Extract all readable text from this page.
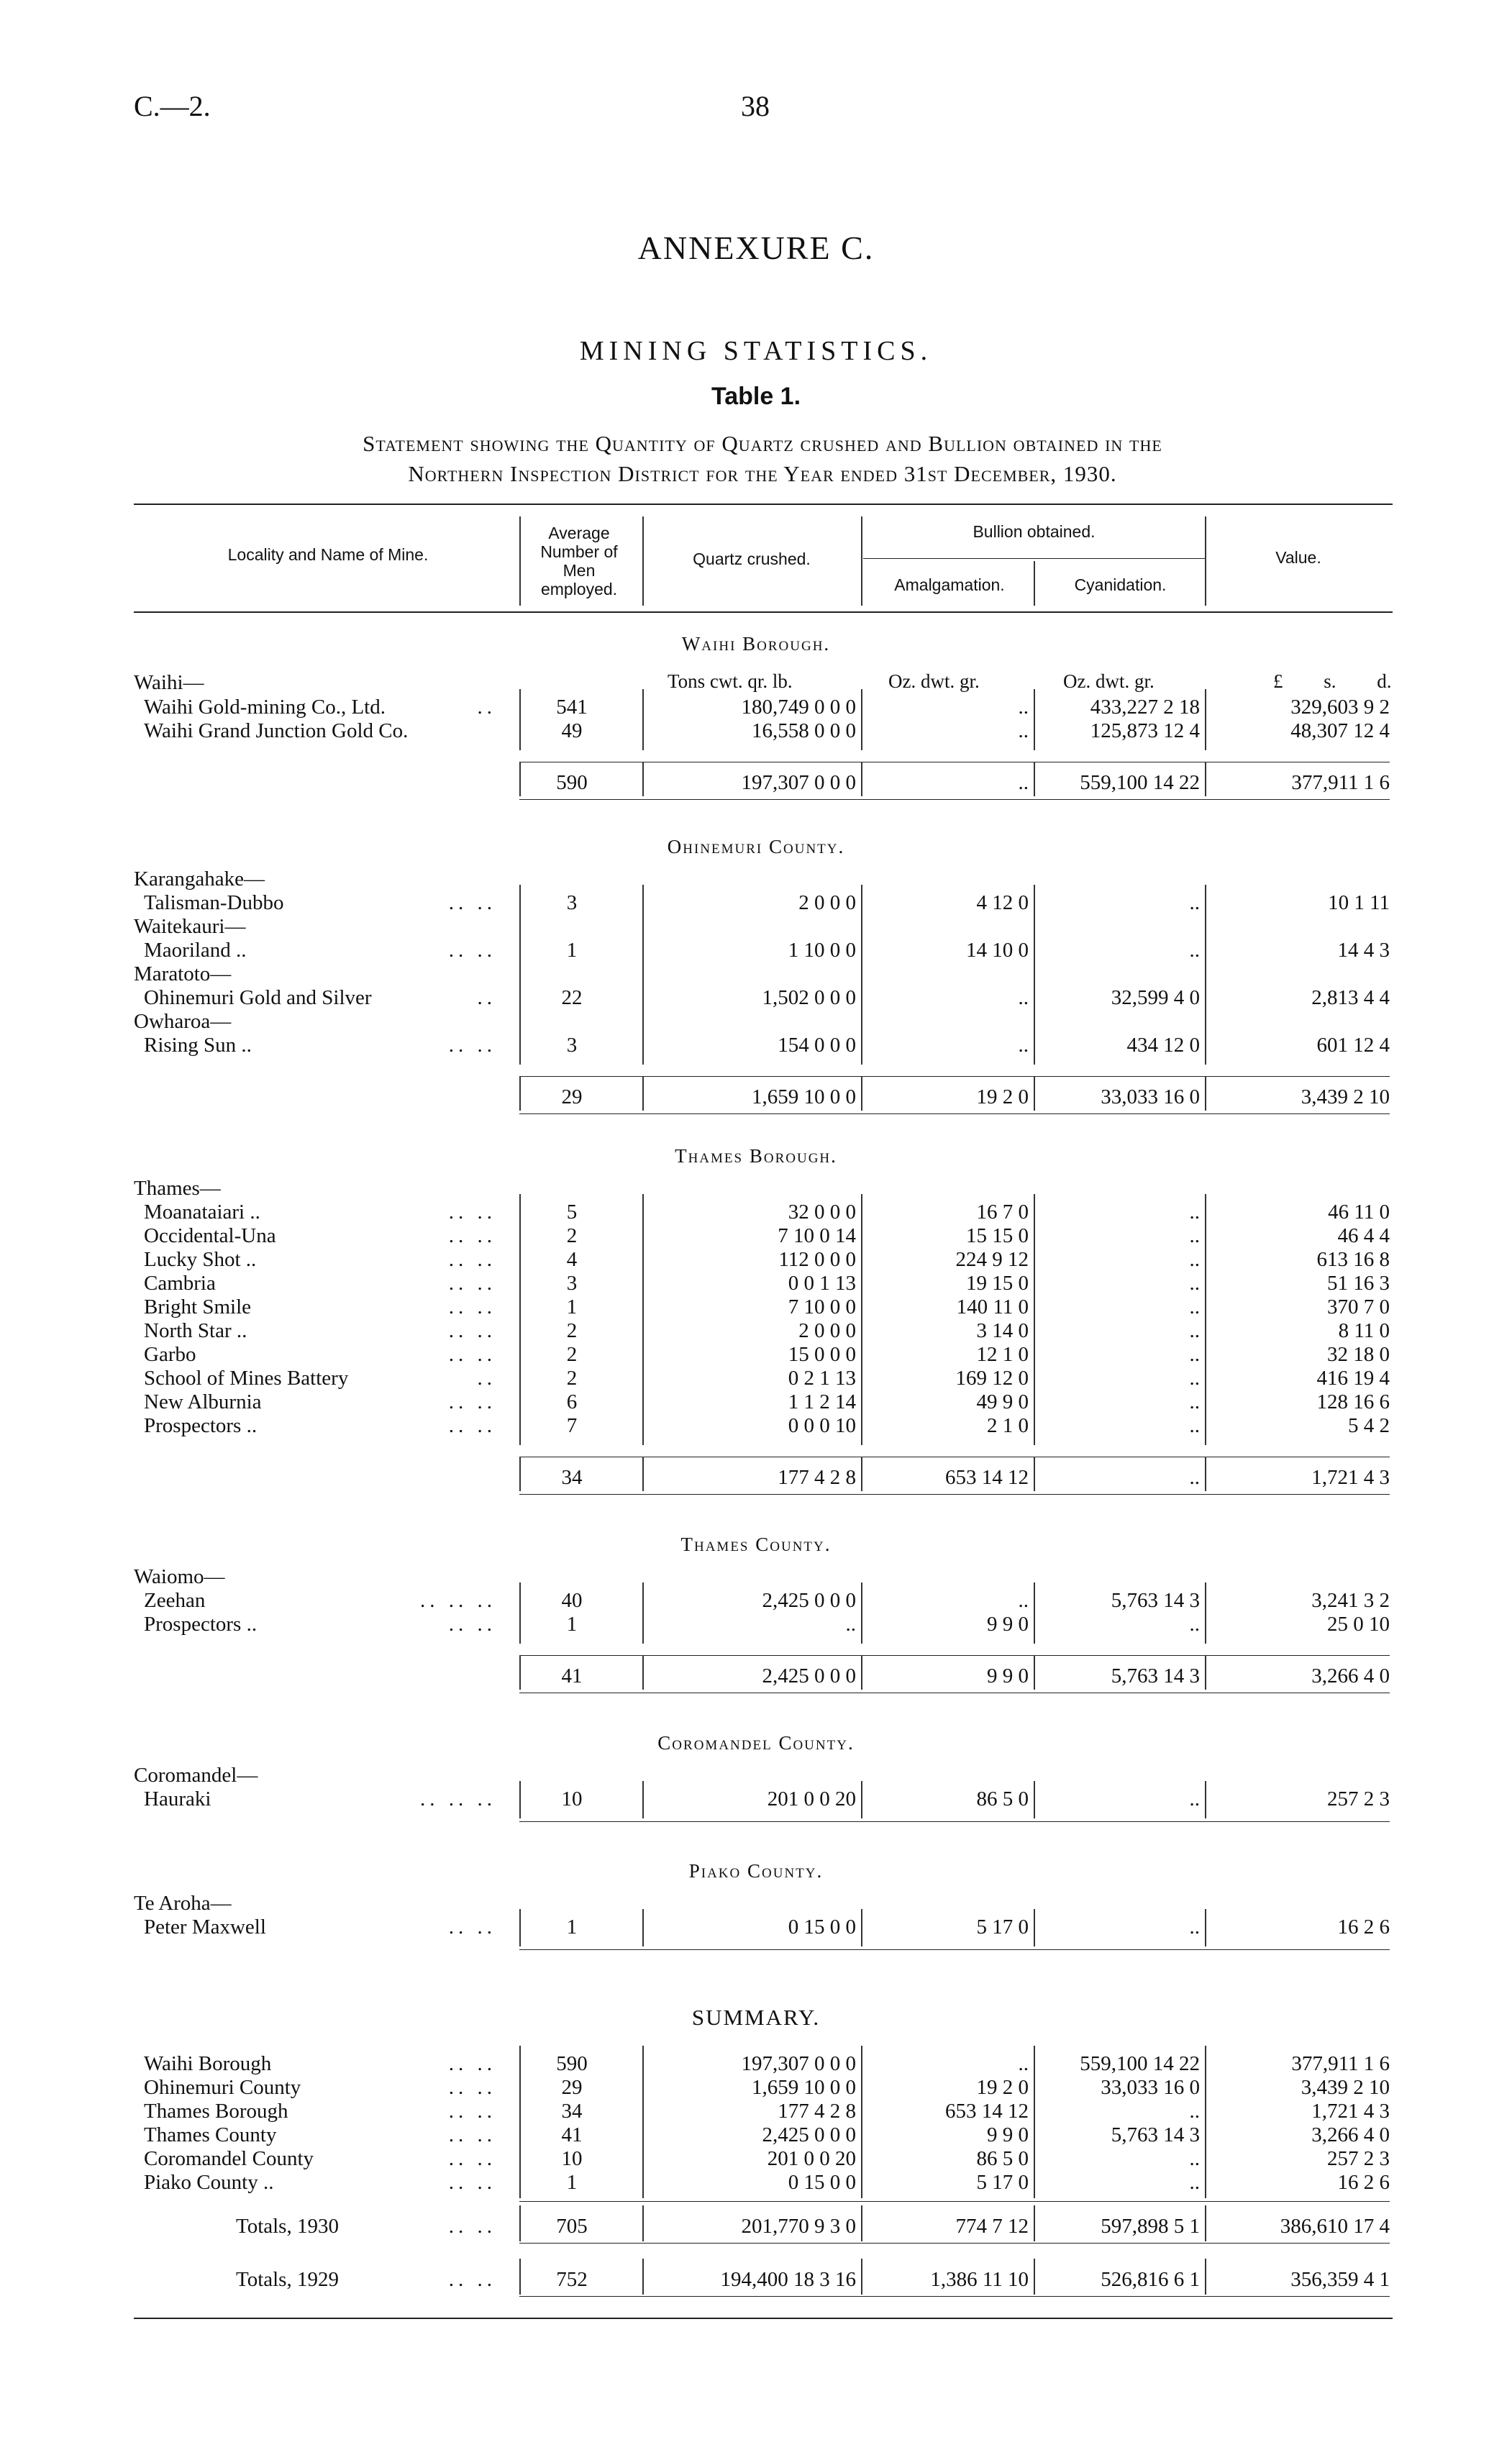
C.—2.	38
ANNEXURE C.
MINING STATISTICS.
Table 1.
Statement showing the Quantity of Quartz crushed and Bullion obtained in the
Northern Inspection District for the Year ended 31st December, 1930.
Locality and Name of Mine.
Average
Number of
Men
employed.
Quartz crushed.
Bullion obtained.
Amalgamation.	Cyanidation.
Value.
Tons cwt. qr. lb.	Oz. dwt. gr.	Oz. dwt. gr.	£ s. d.
Waihi Borough.
Waihi—
Waihi Gold-mining Co., Ltd.	..	541	180,749 0 0 0	..	433,227 2 18	329,603 9 2
Waihi Grand Junction Gold Co.	49	16,558 0 0 0	..	125,873 12 4	48,307 12 4
590	197,307 0 0 0	..	559,100 14 22	377,911 1 6
Ohinemuri County.
Karangahake—
Waitekauri—
Maratoto—
Owharoa—
Talisman-Dubbo	.. ..	3	2 0 0 0	4 12 0	..	10 1 11
Maoriland ..	.. ..	1	1 10 0 0	14 10 0	..	14 4 3
Ohinemuri Gold and Silver	..	22	1,502 0 0 0	..	32,599 4 0	2,813 4 4
Rising Sun ..	.. ..	3	154 0 0 0	..	434 12 0	601 12 4
29	1,659 10 0 0	19 2 0	33,033 16 0	3,439 2 10
Thames Borough.
Thames—
Moanataiari ..	.. ..	5	32 0 0 0	16 7 0	..	46 11 0
Occidental-Una	.. ..	2	7 10 0 14	15 15 0	..	46 4 4
Lucky Shot ..	.. ..	4	112 0 0 0	224 9 12	..	613 16 8
Cambria	.. ..	3	0 0 1 13	19 15 0	..	51 16 3
Bright Smile	.. ..	1	7 10 0 0	140 11 0	..	370 7 0
North Star ..	.. ..	2	2 0 0 0	3 14 0	..	8 11 0
Garbo	.. ..	2	15 0 0 0	12 1 0	..	32 18 0
School of Mines Battery	..	2	0 2 1 13	169 12 0	..	416 19 4
New Alburnia	.. ..	6	1 1 2 14	49 9 0	..	128 16 6
Prospectors ..	.. ..	7	0 0 0 10	2 1 0	..	5 4 2
34	177 4 2 8	653 14 12	..	1,721 4 3
Thames County.
Waiomo—
Zeehan	.. .. ..	40	2,425 0 0 0	..	5,763 14 3	3,241 3 2
Prospectors ..	.. ..	1	..	9 9 0	..	25 0 10
41	2,425 0 0 0	9 9 0	5,763 14 3	3,266 4 0
Coromandel County.
Coromandel—
Hauraki	.. .. ..	10	201 0 0 20	86 5 0	..	257 2 3
Piako County.
Te Aroha—
Peter Maxwell	.. ..	1	0 15 0 0	5 17 0	..	16 2 6
SUMMARY.
Waihi Borough	.. ..	590	197,307 0 0 0	..	559,100 14 22	377,911 1 6
Ohinemuri County	.. ..	29	1,659 10 0 0	19 2 0	33,033 16 0	3,439 2 10
Thames Borough	.. ..	34	177 4 2 8	653 14 12	..	1,721 4 3
Thames County	.. ..	41	2,425 0 0 0	9 9 0	5,763 14 3	3,266 4 0
Coromandel County	.. ..	10	201 0 0 20	86 5 0	..	257 2 3
Piako County ..	.. ..	1	0 15 0 0	5 17 0	..	16 2 6
Totals, 1930	.. ..	705	201,770 9 3 0	774 7 12	597,898 5 1	386,610 17 4
Totals, 1929	.. ..	752	194,400 18 3 16	1,386 11 10	526,816 6 1	356,359 4 1
